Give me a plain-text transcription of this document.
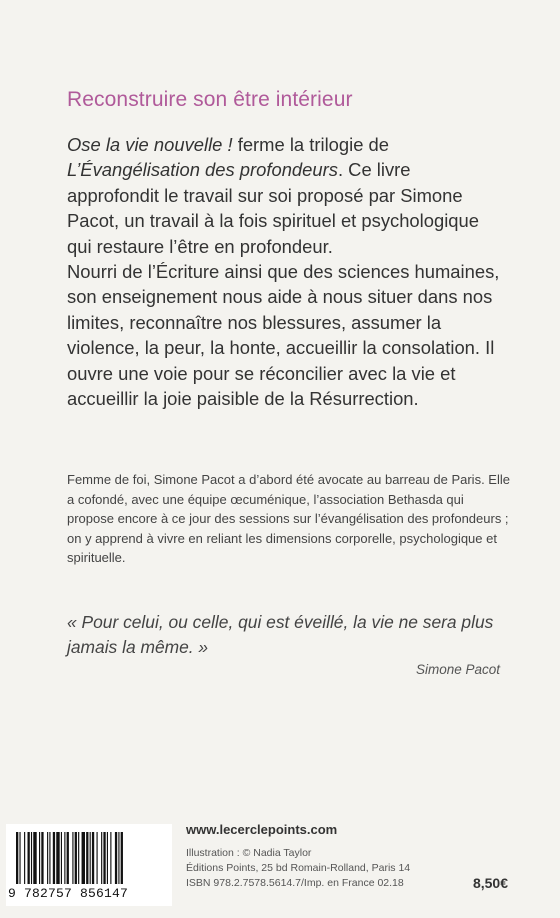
Reconstruire son être intérieur

Ose la vie nouvelle ! ferme la trilogie de L’Évangélisation des profondeurs. Ce livre approfondit le travail sur soi proposé par Simone Pacot, un travail à la fois spirituel et psychologique qui restaure l’être en profondeur.

Nourri de l’Écriture ainsi que des sciences humaines, son enseignement nous aide à nous situer dans nos limites, reconnaître nos blessures, assumer la violence, la peur, la honte, accueillir la consolation. Il ouvre une voie pour se réconcilier avec la vie et accueillir la joie paisible de la Résurrection.

Femme de foi, Simone Pacot a d’abord été avocate au barreau de Paris. Elle a cofondé, avec une équipe œcuménique, l’association Bethasda qui propose encore à ce jour des sessions sur l’évangélisation des profondeurs ; on y apprend à vivre en reliant les dimensions corporelle, psychologique et spirituelle.
« Pour celui, ou celle, qui est éveillé, la vie ne sera plus jamais la même. »
Simone Pacot
9 782757 856147
www.lecerclepoints.com
Illustration : © Nadia Taylor
Éditions Points, 25 bd Romain-Rolland, Paris 14
ISBN 978.2.7578.5614.7/Imp. en France 02.18	8,50€
